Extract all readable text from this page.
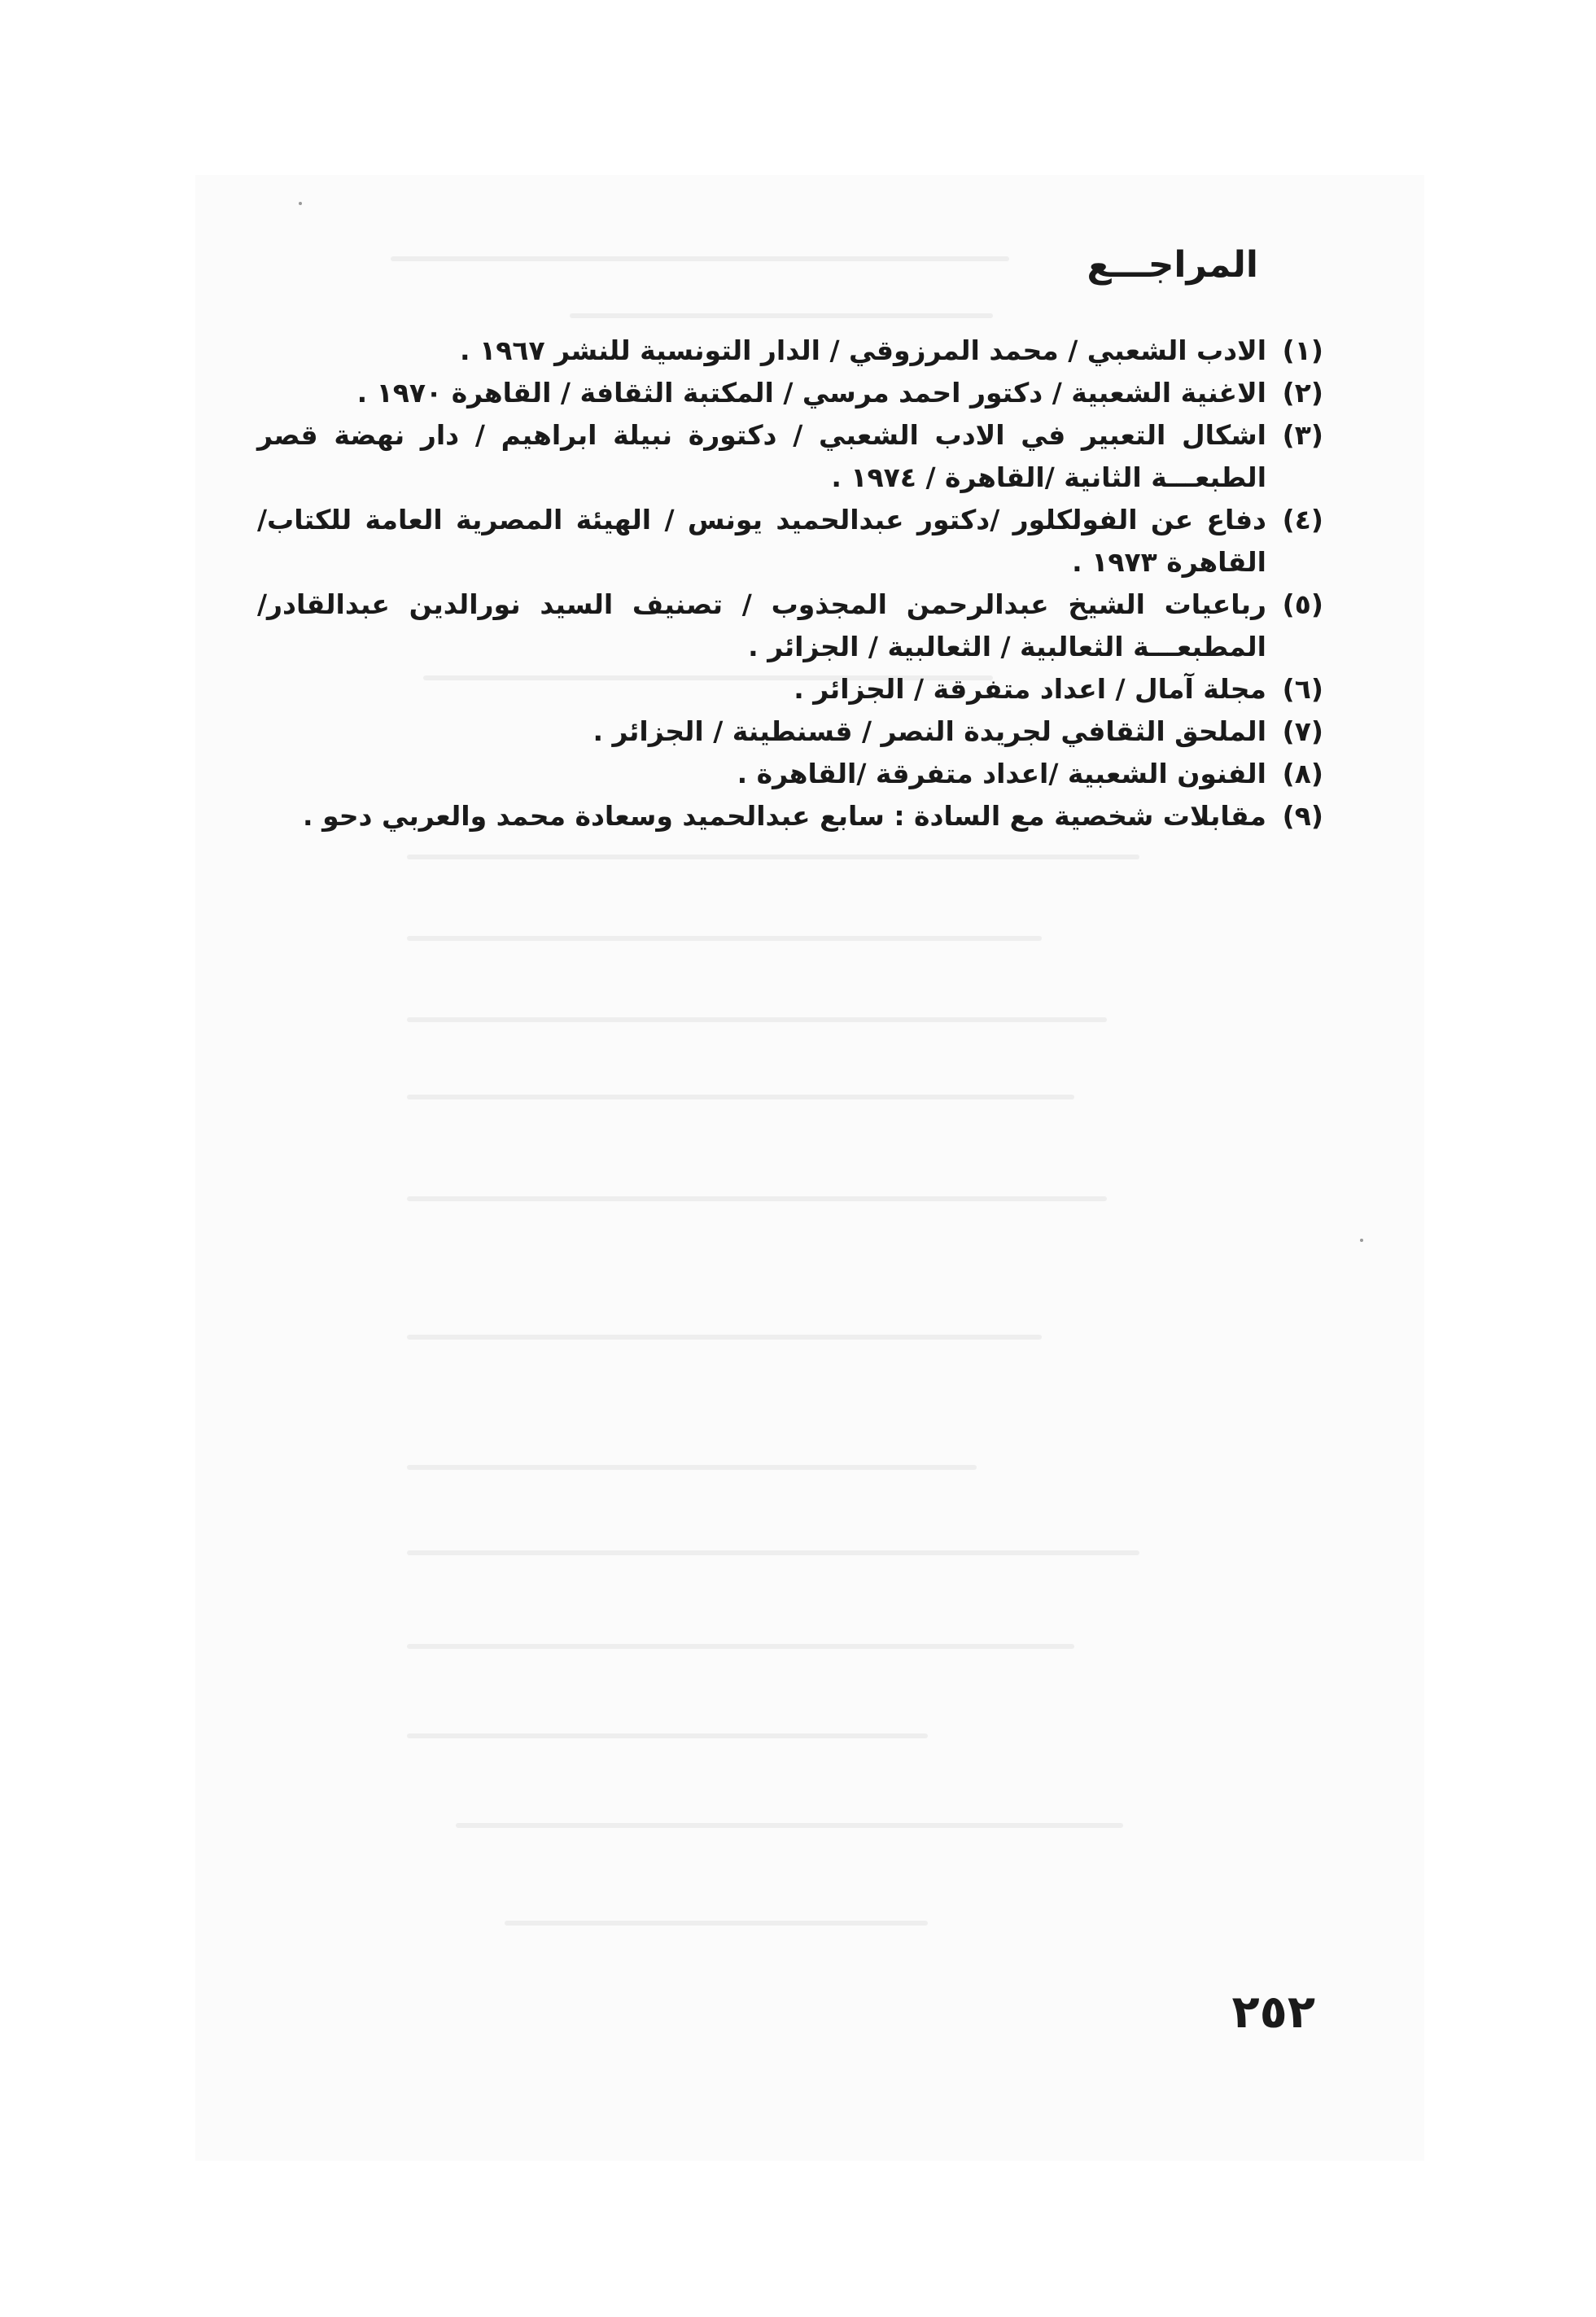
المراجـــع
(١)
الادب الشعبي / محمد المرزوقي / الدار التونسية للنشر ١٩٦٧ .
(٢)
الاغنية الشعبية / دكتور احمد مرسي / المكتبة الثقافة / القاهرة ١٩٧٠ .
(٣)
اشكال التعبير في الادب الشعبي / دكتورة نبيلة ابراهيم / دار نهضة قصر الطبعـــة الثانية /القاهرة / ١٩٧٤ .
(٤)
دفاع عن الفولكلور /دكتور عبدالحميد يونس / الهيئة المصرية العامة للكتاب/القاهرة ١٩٧٣ .
(٥)
رباعيات الشيخ عبدالرحمن المجذوب / تصنيف السيد نورالدين عبدالقادر/المطبعـــة الثعالبية / الثعالبية / الجزائر .
(٦)
مجلة آمال / اعداد متفرقة / الجزائر .
(٧)
الملحق الثقافي لجريدة النصر / قسنطينة / الجزائر .
(٨)
الفنون الشعبية /اعداد متفرقة /القاهرة .
(٩)
مقابلات شخصية مع السادة : سابع عبدالحميد وسعادة محمد والعربي دحو .
٢٥٢
